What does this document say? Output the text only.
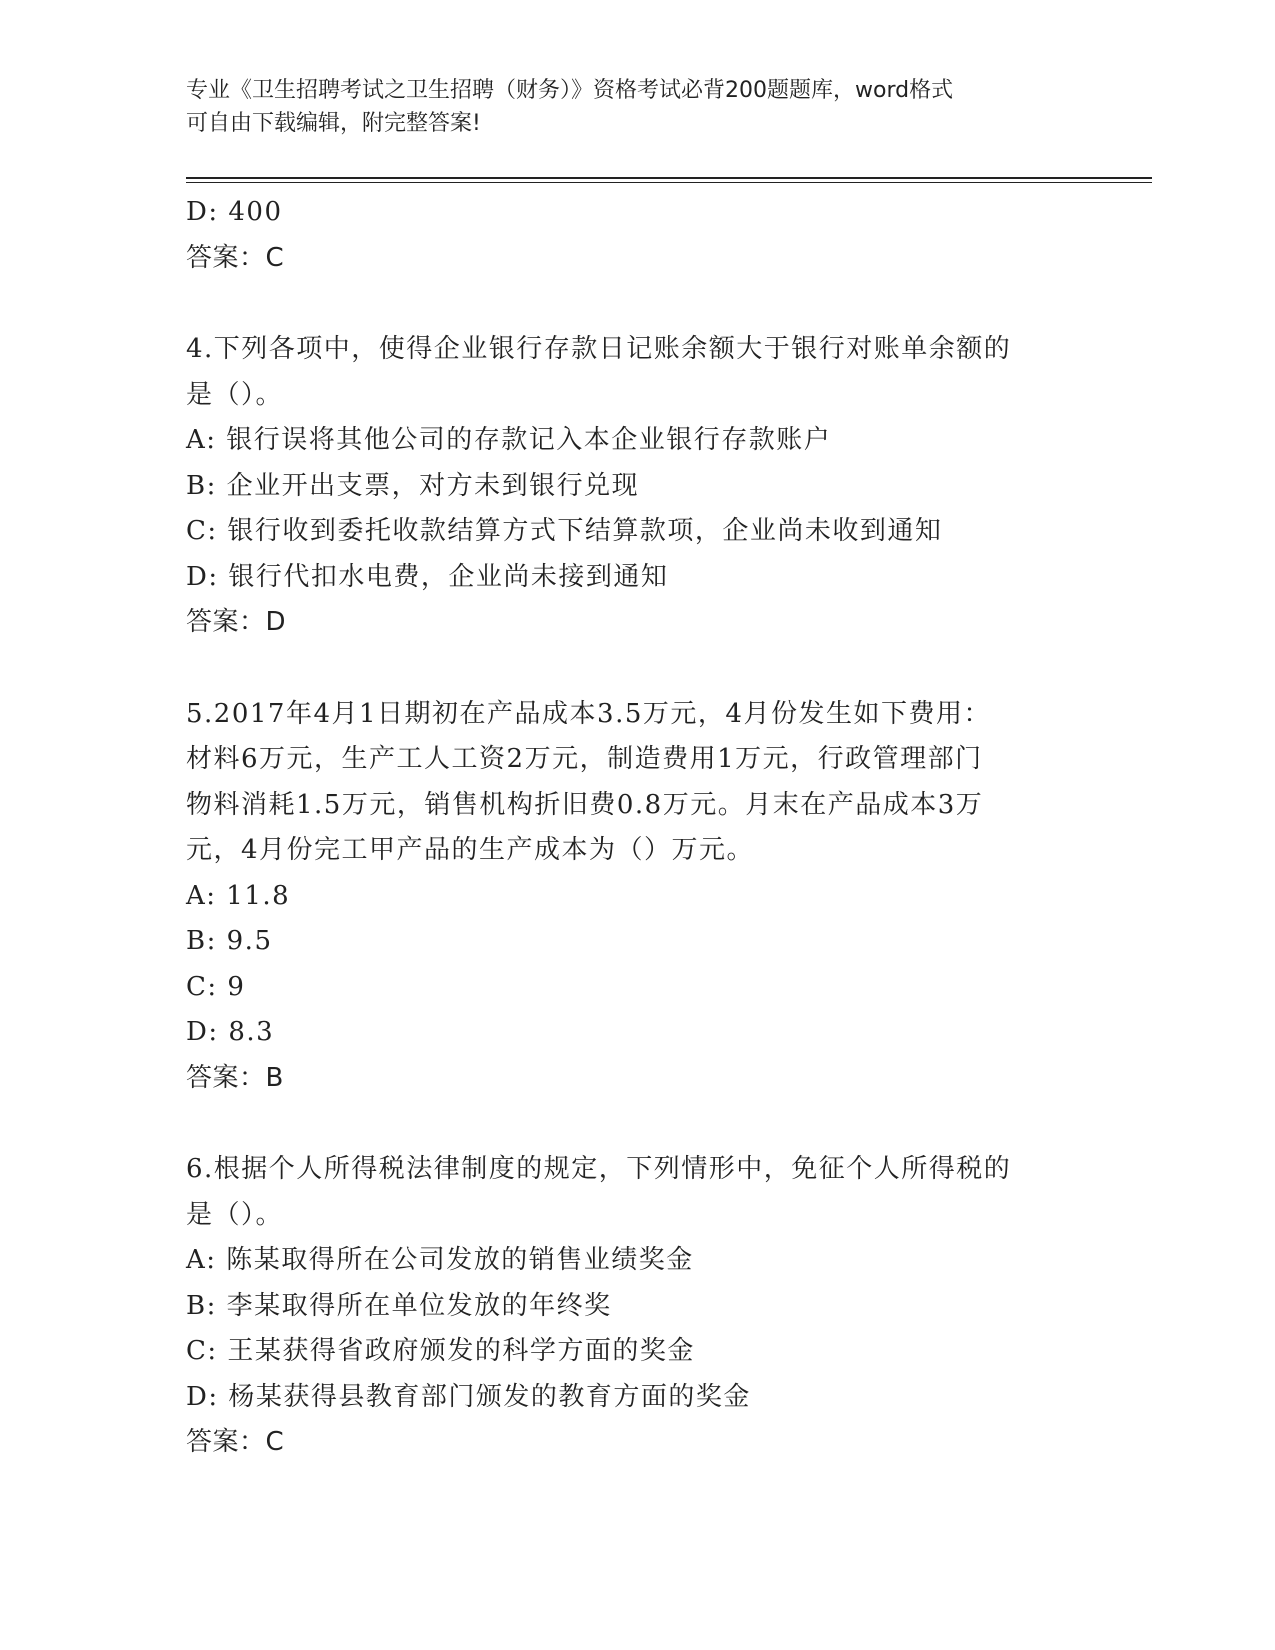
专业《卫生招聘考试之卫生招聘（财务）》资格考试必背200题题库，word格式
可自由下载编辑，附完整答案!
D: 400
答案：C
4.下列各项中，使得企业银行存款日记账余额大于银行对账单余额的
是（）。
A: 银行误将其他公司的存款记入本企业银行存款账户
B: 企业开出支票，对方未到银行兑现
C: 银行收到委托收款结算方式下结算款项，企业尚未收到通知
D: 银行代扣水电费，企业尚未接到通知
答案：D
5.2017年4月1日期初在产品成本3.5万元，4月份发生如下费用：
材料6万元，生产工人工资2万元，制造费用1万元，行政管理部门
物料消耗1.5万元，销售机构折旧费0.8万元。月末在产品成本3万
元，4月份完工甲产品的生产成本为（）万元。
A: 11.8
B: 9.5
C: 9
D: 8.3
答案：B
6.根据个人所得税法律制度的规定，下列情形中，免征个人所得税的
是（）。
A: 陈某取得所在公司发放的销售业绩奖金
B: 李某取得所在单位发放的年终奖
C: 王某获得省政府颁发的科学方面的奖金
D: 杨某获得县教育部门颁发的教育方面的奖金
答案：C
